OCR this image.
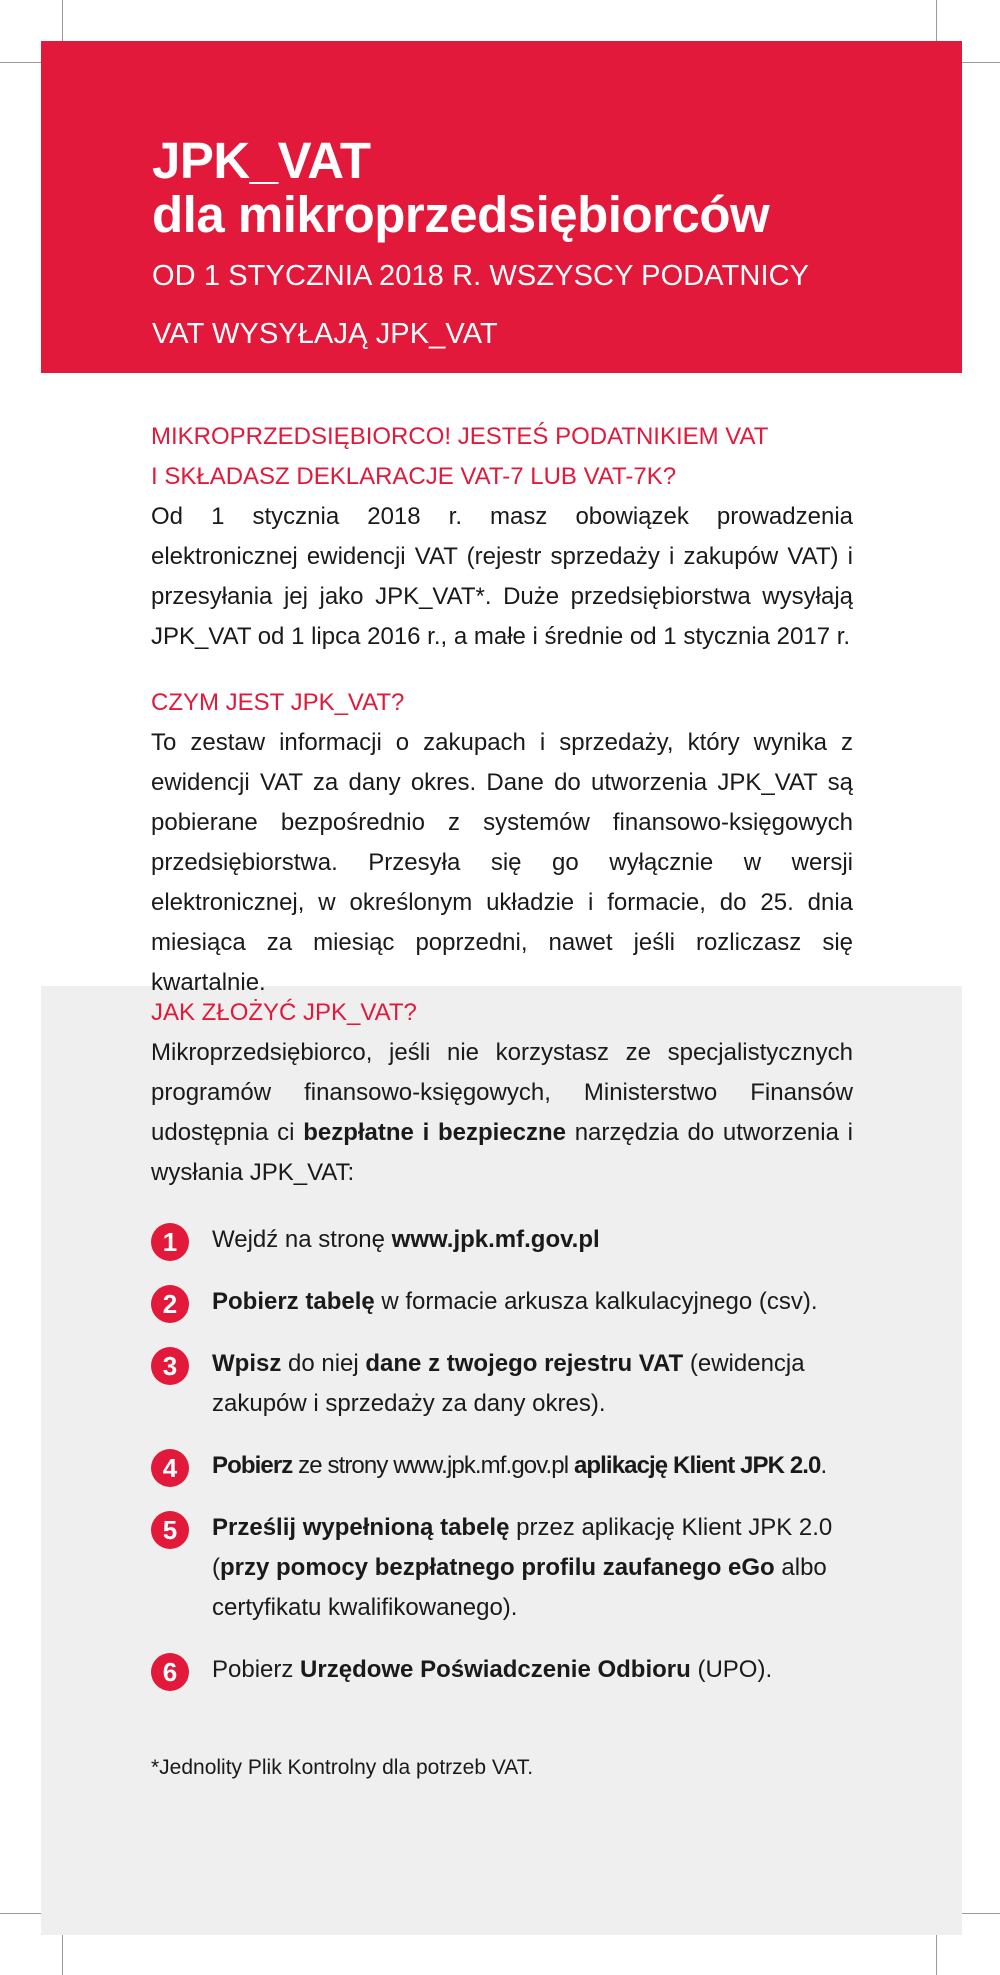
JPK_VAT
dla mikroprzedsiębiorców
OD 1 STYCZNIA 2018 R. WSZYSCY PODATNICY
VAT WYSYŁAJĄ JPK_VAT
MIKROPRZEDSIĘBIORCO! JESTEŚ PODATNIKIEM VAT
I SKŁADASZ DEKLARACJE VAT-7 LUB VAT-7K?
Od 1 stycznia 2018 r. masz obowiązek prowadzenia elektronicznej ewidencji VAT (rejestr sprzedaży i zakupów VAT) i przesyłania jej jako JPK_VAT*. Duże przedsiębiorstwa wysyłają JPK_VAT od 1 lipca 2016 r., a małe i średnie od 1 stycznia 2017 r.
CZYM JEST JPK_VAT?
To zestaw informacji o zakupach i sprzedaży, który wynika z ewidencji VAT za dany okres. Dane do utworzenia JPK_VAT są pobierane bezpośrednio z systemów finansowo-księgowych przedsiębiorstwa. Przesyła się go wyłącznie w wersji elektronicznej, w określonym układzie i formacie, do 25. dnia miesiąca za miesiąc poprzedni, nawet jeśli rozliczasz się kwartalnie.
JAK ZŁOŻYĆ JPK_VAT?
Mikroprzedsiębiorco, jeśli nie korzystasz ze specjalistycznych programów finansowo-księgowych, Ministerstwo Finansów udostępnia ci bezpłatne i bezpieczne narzędzia do utworzenia i wysłania JPK_VAT:
1	Wejdź na stronę www.jpk.mf.gov.pl
2	Pobierz tabelę w formacie arkusza kalkulacyjnego (csv).
3	Wpisz do niej dane z twojego rejestru VAT (ewidencja zakupów i sprzedaży za dany okres).
4	Pobierz ze strony www.jpk.mf.gov.pl aplikację Klient JPK 2.0.
5	Prześlij wypełnioną tabelę przez aplikację Klient JPK 2.0 (przy pomocy bezpłatnego profilu zaufanego eGo albo certyfikatu kwalifikowanego).
6	Pobierz Urzędowe Poświadczenie Odbioru (UPO).
*Jednolity Plik Kontrolny dla potrzeb VAT.
